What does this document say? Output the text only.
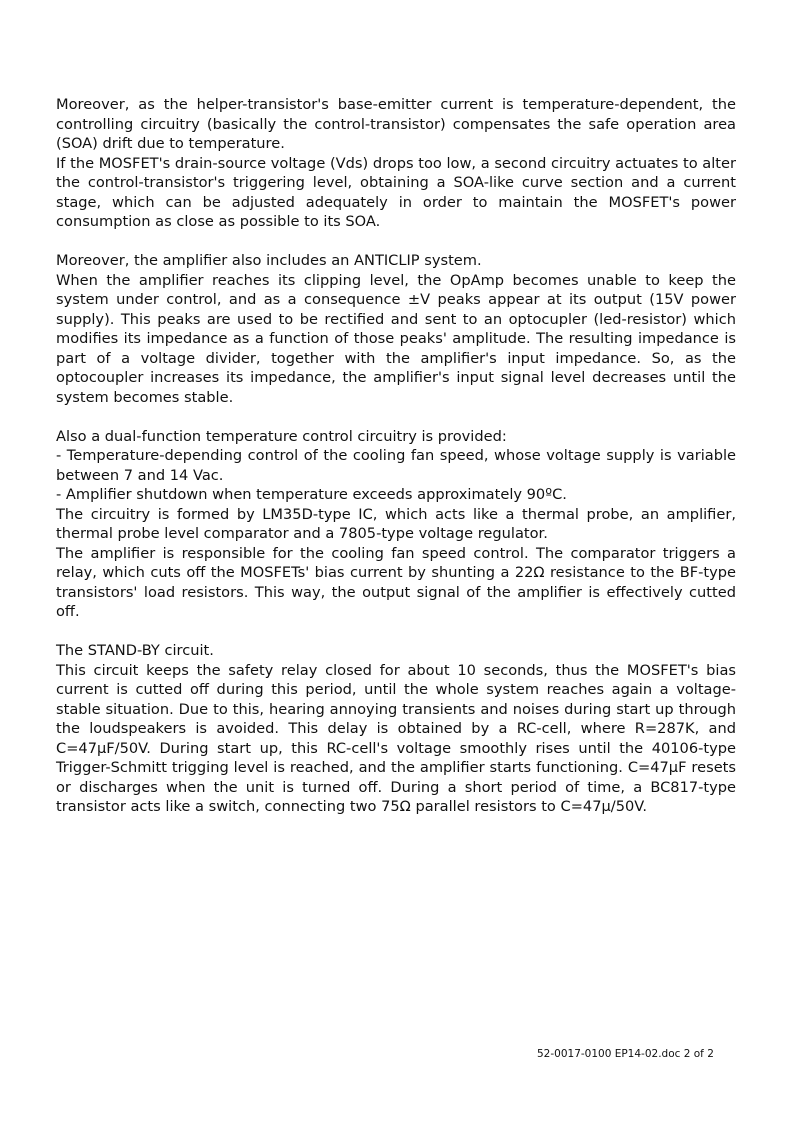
Moreover, as the helper-transistor's base-emitter current is temperature-dependent, the controlling circuitry (basically the control-transistor) compensates the safe operation area (SOA) drift due to temperature.

If the MOSFET's drain-source voltage (Vds) drops too low, a second circuitry actuates to alter the control-transistor's triggering level, obtaining a SOA-like curve section and a current stage, which can be adjusted adequately in order to maintain the MOSFET's power consumption as close as possible to its SOA.

Moreover, the amplifier also includes an ANTICLIP system.

When the amplifier reaches its clipping level, the OpAmp becomes unable to keep the system under control, and as a consequence ±V peaks appear at its output (15V power supply). This peaks are used to be rectified and sent to an optocupler (led-resistor) which modifies its impedance as a function of those peaks' amplitude. The resulting impedance is part of a voltage divider, together with the amplifier's input impedance. So, as the optocoupler increases its impedance, the amplifier's input signal level decreases until the system becomes stable.

Also a dual-function temperature control circuitry is provided:

- Temperature-depending control of the cooling fan speed, whose voltage supply is variable between 7 and 14 Vac.

- Amplifier shutdown when temperature exceeds approximately 90ºC.

The circuitry is formed by LM35D-type IC, which acts like a thermal probe, an amplifier, thermal probe level comparator and a 7805-type voltage regulator.

The amplifier is responsible for the cooling fan speed control. The comparator triggers a relay, which cuts off the MOSFETs' bias current by shunting a 22Ω resistance to the BF-type transistors' load resistors. This way, the output signal of the amplifier is effectively cutted off.

The STAND-BY circuit.

This circuit keeps the safety relay closed for about 10 seconds, thus the MOSFET's bias current is cutted off during this period, until the whole system reaches again a voltage-stable situation. Due to this, hearing annoying transients and noises during start up through the loudspeakers is avoided. This delay is obtained by a RC-cell, where R=287K, and C=47µF/50V. During start up, this RC-cell's voltage smoothly rises until the 40106-type Trigger-Schmitt trigging level is reached, and the amplifier starts functioning. C=47µF resets or discharges when the unit is turned off. During a short period of time, a BC817-type transistor acts like a switch, connecting two 75Ω parallel resistors to C=47µ/50V.

52-0017-0100 EP14-02.doc 2 of 2
